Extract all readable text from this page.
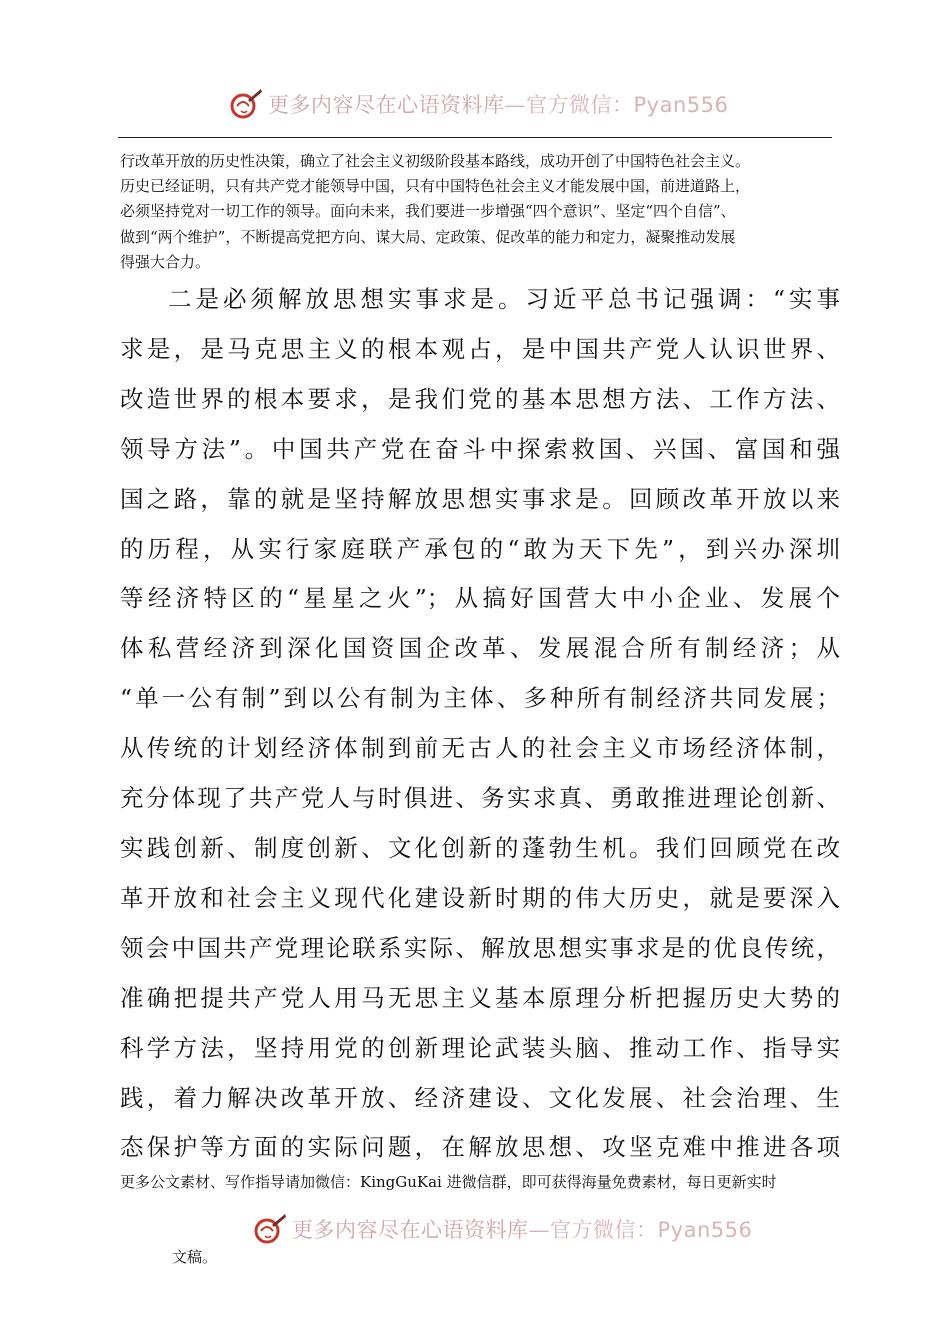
更多内容尽在心语资料库—官方微信：Pyan556
行改革开放的历史性决策，确立了社会主义初级阶段基本路线，成功开创了中国特色社会主义。
历史已经证明，只有共产党才能领导中国，只有中国特色社会主义才能发展中国，前进道路上，
必须坚持党对一切工作的领导。面向未来，我们要进一步增强“四个意识”、坚定“四个自信”、
做到“两个维护”，不断提高党把方向、谋大局、定政策、促改革的能力和定力，凝聚推动发展
得强大合力。
二是必须解放思想实事求是。习近平总书记强调：“实事
求是，是马克思主义的根本观占，是中国共产党人认识世界、
改造世界的根本要求，是我们党的基本思想方法、工作方法、
领导方法”。中国共产党在奋斗中探索救国、兴国、富国和强
国之路，靠的就是坚持解放思想实事求是。回顾改革开放以来
的历程，从实行家庭联产承包的“敢为天下先”，到兴办深圳
等经济特区的“星星之火”；从搞好国营大中小企业、发展个
体私营经济到深化国资国企改革、发展混合所有制经济；从
“单一公有制”到以公有制为主体、多种所有制经济共同发展；
从传统的计划经济体制到前无古人的社会主义市场经济体制，
充分体现了共产党人与时俱进、务实求真、勇敢推进理论创新、
实践创新、制度创新、文化创新的蓬勃生机。我们回顾党在改
革开放和社会主义现代化建设新时期的伟大历史，就是要深入
领会中国共产党理论联系实际、解放思想实事求是的优良传统，
准确把提共产党人用马无思主义基本原理分析把握历史大势的
科学方法，坚持用党的创新理论武装头脑、推动工作、指导实
践，着力解决改革开放、经济建设、文化发展、社会治理、生
态保护等方面的实际问题，在解放思想、攻坚克难中推进各项
更多公文素材、写作指导请加微信：KingGuKai 进微信群，即可获得海量免费素材，每日更新实时
更多内容尽在心语资料库—官方微信：Pyan556
文稿。
